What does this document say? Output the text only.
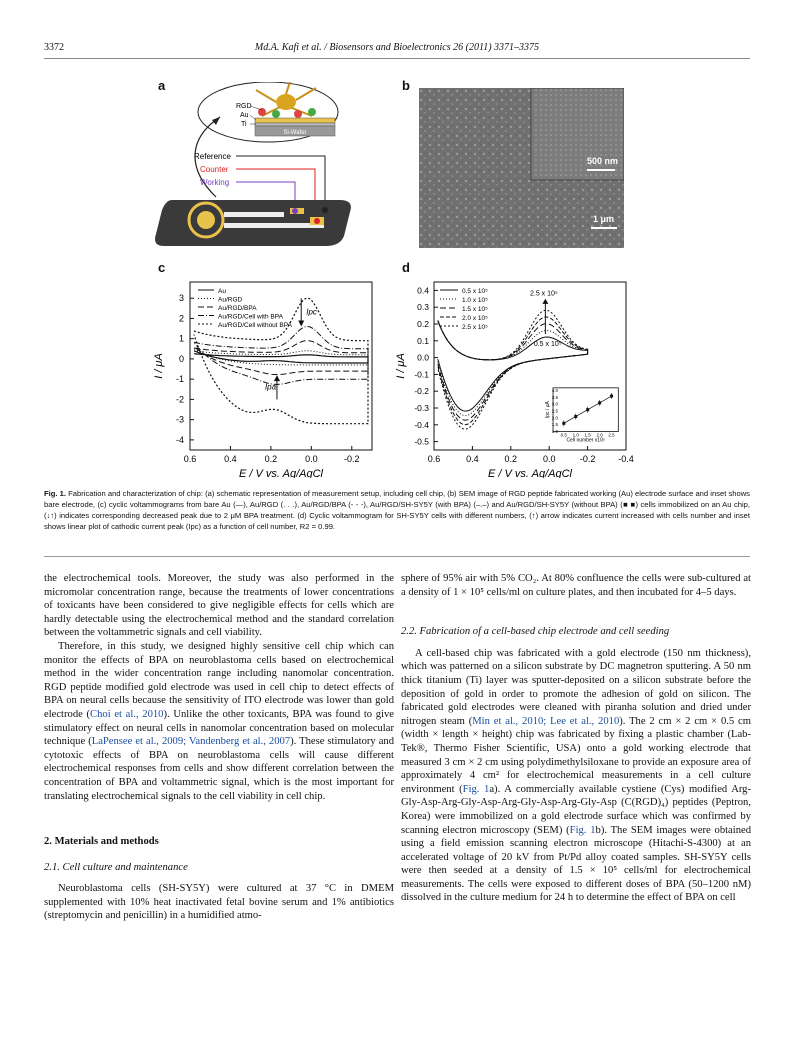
3372	Md.A. Kafi et al. / Biosensors and Bioelectronics 26 (2011) 3371–3375
a	b
c	d
Si-Wafer
RGD
Au
Ti
Reference
Counter
Working
500 nm
1 μm
0.6	0.4	0.2	0.0	-0.2
3
2
1
0
-1
-2
-3
-4
E / V vs. Ag/AgCl
I / μA
Au
Au/RGD
Au/RGD/BPA
Au/RGD/Cell with BPA
Au/RGD/Cell without BPA
Ipc
Ipa
0.6	0.4	0.2	0.0	-0.2	-0.4
0.4
0.3
0.2
0.1
0.0
-0.1
-0.2
-0.3
-0.4
-0.5
E / V vs. Ag/AgCl
I / μA
0.5 x 10⁵
1.0 x 10⁵
1.5 x 10⁵
2.0 x 10⁵
2.5 x 10⁵
2.5 x 10⁵
0.5 x 10⁵
0.5 1.0 1.5 2.0 2.5
1.0
1.5
2.0
2.5
3.0
3.5
4.0
Cell number x10⁵
Ipc / μA
Fig. 1. Fabrication and characterization of chip: (a) schematic representation of measurement setup, including cell chip, (b) SEM image of RGD peptide fabricated working (Au) electrode surface and inset shows bare electrode, (c) cyclic voltammograms from bare Au (—), Au/RGD (. . .), Au/RGD/BPA (- - -), Au/RGD/SH-SY5Y (with BPA) (–.–) and Au/RGD/SH-SY5Y (without BPA) (■ ■) cells immobilized on an Au chip, (↓↑) indicates corresponding decreased peak due to 2 μM BPA treatment. (d) Cyclic voltammogram for SH-SY5Y cells with different numbers, (↑) arrow indicates current increased with cells number and inset shows linear plot of cathodic current peak (Ipc) as a function of cell number, R2 = 0.99.

the electrochemical tools. Moreover, the study was also performed in the micromolar concentration range, because the treatments of lower concentrations of toxicants have been considered to give negligible effects for cells which are hardly detectable using the electrochemical method and the standard correlation between the voltammetric signals and cell viability.

Therefore, in this study, we designed highly sensitive cell chip which can monitor the effects of BPA on neuroblastoma cells based on electrochemical method in the wider concentration range including nanomolar concentration. RGD peptide modified gold electrode was used in cell chip to detect effects of BPA on neural cells because the sensitivity of ITO electrode was lower than gold electrode (Choi et al., 2010). Unlike the other toxicants, BPA was found to give stimulatory effect on neural cells in nanomolar concentration based on molecular technique (LaPensee et al., 2009; Vandenberg et al., 2007). These stimulatory and cytotoxic effects of BPA on neuroblastoma cells will cause different electrochemical responses from cells and show different correlation between the concentration of BPA and voltammetric signal, which is the most important for translating electrochemical signals to the cell viability in cell chip.

2. Materials and methods

2.1. Cell culture and maintenance

Neuroblastoma cells (SH-SY5Y) were cultured at 37 °C in DMEM supplemented with 10% heat inactivated fetal bovine serum and 1% antibiotics (streptomycin and penicillin) in a humidified atmo-

sphere of 95% air with 5% CO₂. At 80% confluence the cells were sub-cultured at a density of 1 × 10⁵ cells/ml on culture plates, and then incubated for 4–5 days.

2.2. Fabrication of a cell-based chip electrode and cell seeding

A cell-based chip was fabricated with a gold electrode (150 nm thickness), which was patterned on a silicon substrate by DC magnetron sputtering. A 50 nm thick titanium (Ti) layer was sputter-deposited on a silicon substrate before the deposition of gold in order to promote the adhesion of gold on silicon. The fabricated gold electrodes were cleaned with piranha solution and dried under nitrogen steam (Min et al., 2010; Lee et al., 2010). The 2 cm × 2 cm × 0.5 cm (width × length × height) chip was fabricated by fixing a plastic chamber (Lab-Tek®, Thermo Fisher Scientific, USA) onto a gold working electrode that measured 3 cm × 2 cm using polydimethylsiloxane to provide an exposure area of approximately 4 cm² for electrochemical measurements in a cell culture environment (Fig. 1a). A commercially available cystiene (Cys) modified Arg-Gly-Asp-Arg-Gly-Asp-Arg-Gly-Asp-Arg-Gly-Asp (C(RGD)₄) peptides (Peptron, Korea) were immobilized on a gold electrode surface which was confirmed by scanning electron microscopy (SEM) (Fig. 1b). The SEM images were obtained using a field emission scanning electron microscope (Hitachi-S-4300) at an accelerated voltage of 20 kV from Pt/Pd alloy coated samples. SH-SY5Y cells were then seeded at a density of 1.5 × 10⁵ cells/ml for electrochemical measurements. The cells were exposed to different doses of BPA (50–1200 nM) dissolved in the culture medium for 24 h to determine the effect of BPA on cell
